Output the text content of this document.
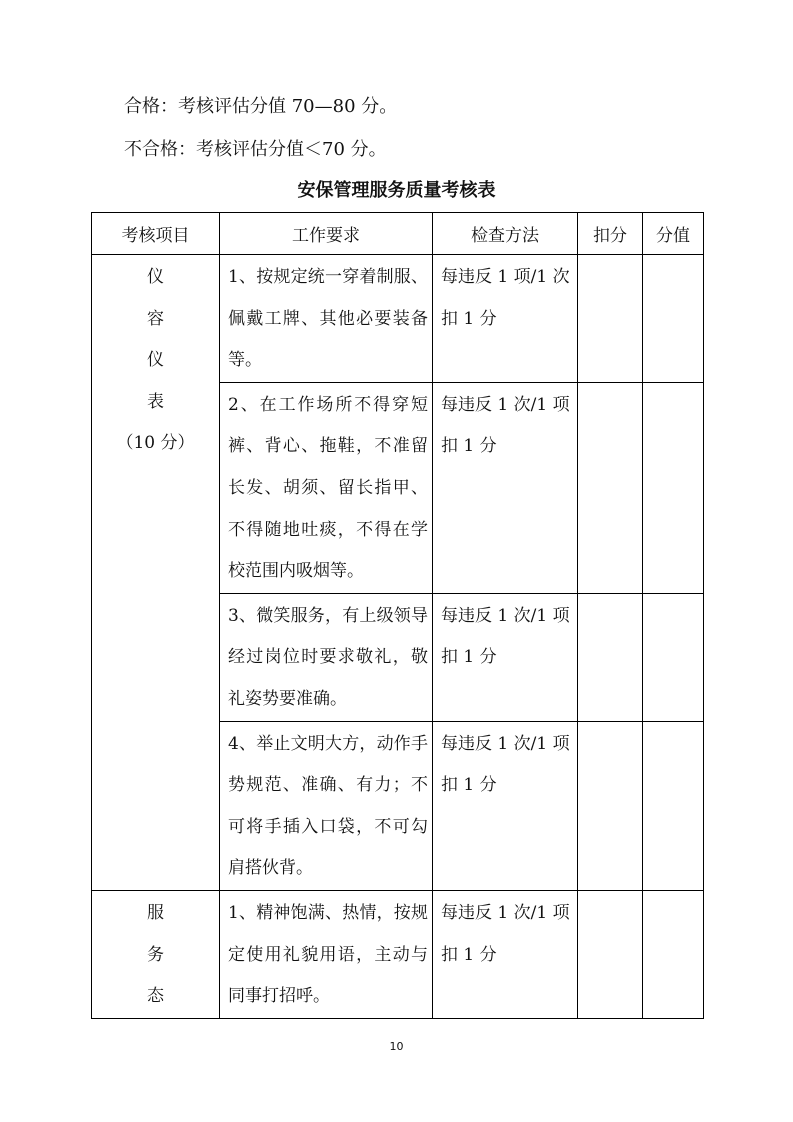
合格：考核评估分值 70—80 分。
不合格：考核评估分值＜70 分。
安保管理服务质量考核表
考核项目	工作要求	检查方法	扣分	分值

仪
容
仪
表
（10 分）	1、按规定统一穿着制服、佩戴工牌、其他必要装备等。	每违反 1 项/1 次扣 1 分		
	2、在工作场所不得穿短裤、背心、拖鞋，不准留长发、胡须、留长指甲、不得随地吐痰，不得在学校范围内吸烟等。	每违反 1 次/1 项扣 1 分		
	3、微笑服务，有上级领导经过岗位时要求敬礼，敬礼姿势要准确。	每违反 1 次/1 项扣 1 分		
	4、举止文明大方，动作手势规范、准确、有力；不可将手插入口袋，不可勾肩搭伙背。	每违反 1 次/1 项扣 1 分		

服
务
态	1、精神饱满、热情，按规定使用礼貌用语，主动与同事打招呼。	每违反 1 次/1 项扣 1 分		
10
